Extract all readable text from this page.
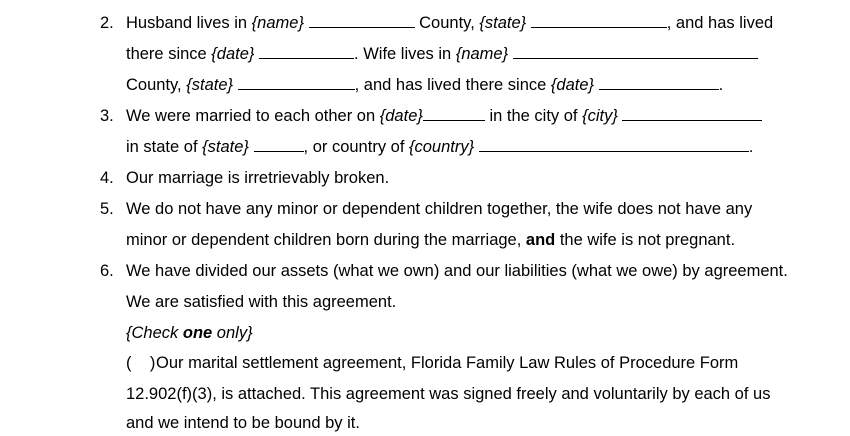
2. Husband lives in {name}	County, {state}	, and has lived
there since {date}	. Wife lives in {name}
County, {state}	, and has lived there since {date}	.
3. We were married to each other on {date}	in the city of {city}
in state of {state}	, or country of {country}	.
4. Our marriage is irretrievably broken.
5. We do not have any minor or dependent children together, the wife does not have any
minor or dependent children born during the marriage, and the wife is not pregnant.
6. We have divided our assets (what we own) and our liabilities (what we owe) by agreement.
We are satisfied with this agreement.
{Check one only}
(    ) Our marital settlement agreement, Florida Family Law Rules of Procedure Form
12.902(f)(3), is attached. This agreement was signed freely and voluntarily by each of us
and we intend to be bound by it.
